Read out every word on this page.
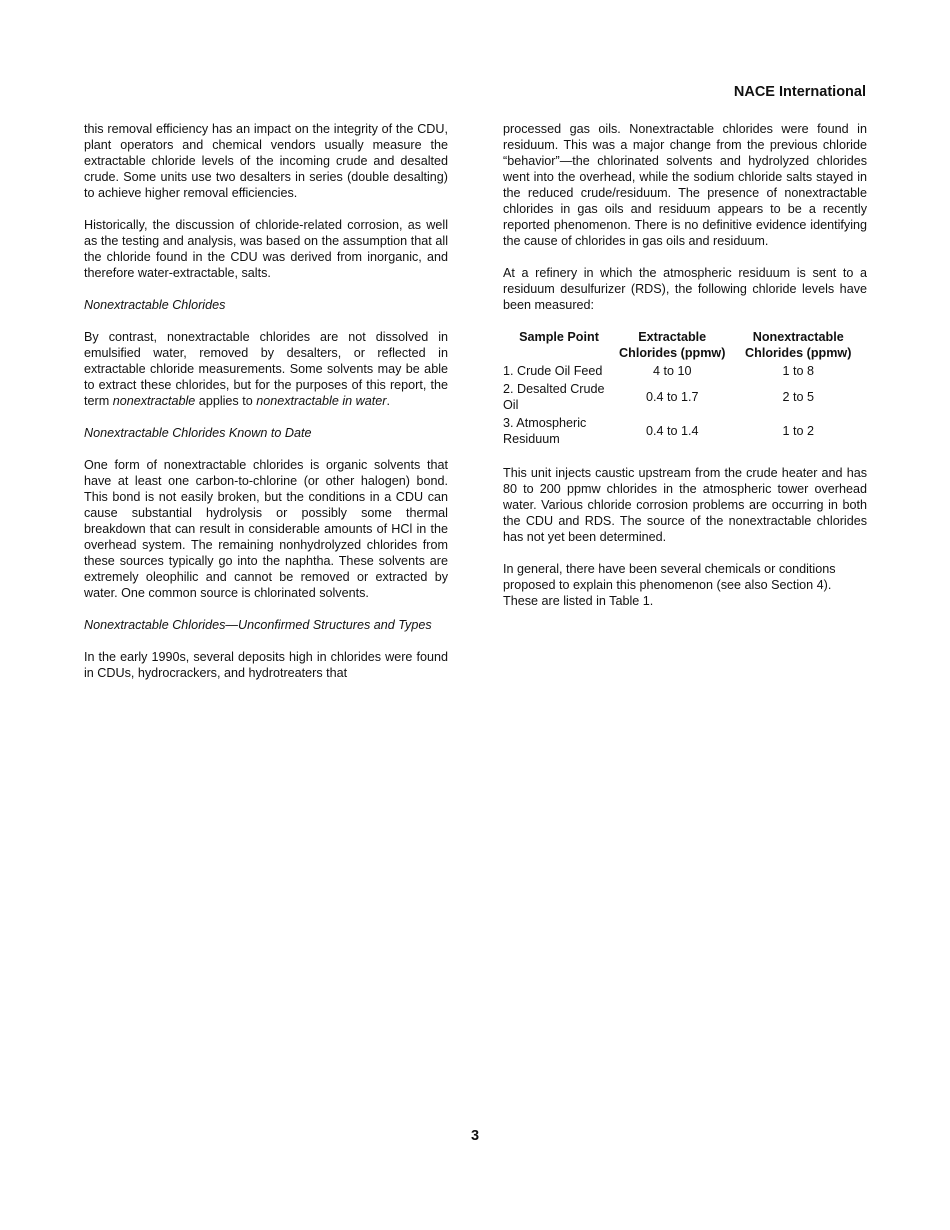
NACE International

this removal efficiency has an impact on the integrity of the CDU, plant operators and chemical vendors usually measure the extractable chloride levels of the incoming crude and desalted crude. Some units use two desalters in series (double desalting) to achieve higher removal efficiencies.

Historically, the discussion of chloride-related corrosion, as well as the testing and analysis, was based on the assumption that all the chloride found in the CDU was derived from inorganic, and therefore water-extractable, salts.

Nonextractable Chlorides

By contrast, nonextractable chlorides are not dissolved in emulsified water, removed by desalters, or reflected in extractable chloride measurements. Some solvents may be able to extract these chlorides, but for the purposes of this report, the term nonextractable applies to nonextractable in water.

Nonextractable Chlorides Known to Date

One form of nonextractable chlorides is organic solvents that have at least one carbon-to-chlorine (or other halogen) bond. This bond is not easily broken, but the conditions in a CDU can cause substantial hydrolysis or possibly some thermal breakdown that can result in considerable amounts of HCl in the overhead system. The remaining nonhydrolyzed chlorides from these sources typically go into the naphtha. These solvents are extremely oleophilic and cannot be removed or extracted by water. One common source is chlorinated solvents.

Nonextractable Chlorides—Unconfirmed Structures and Types

In the early 1990s, several deposits high in chlorides were found in CDUs, hydrocrackers, and hydrotreaters that

processed gas oils. Nonextractable chlorides were found in residuum. This was a major change from the previous chloride “behavior”—the chlorinated solvents and hydrolyzed chlorides went into the overhead, while the sodium chloride salts stayed in the reduced crude/residuum. The presence of nonextractable chlorides in gas oils and residuum appears to be a recently reported phenomenon. There is no definitive evidence identifying the cause of chlorides in gas oils and residuum.

At a refinery in which the atmospheric residuum is sent to a residuum desulfurizer (RDS), the following chloride levels have been measured:

Sample Point	Extractable Chlorides (ppmw)	Nonextractable Chlorides (ppmw)
1. Crude Oil Feed	4 to 10	1 to 8
2. Desalted Crude Oil	0.4 to 1.7	2 to 5
3. Atmospheric Residuum	0.4 to 1.4	1 to 2

This unit injects caustic upstream from the crude heater and has 80 to 200 ppmw chlorides in the atmospheric tower overhead water. Various chloride corrosion problems are occurring in both the CDU and RDS. The source of the nonextractable chlorides has not yet been determined.

In general, there have been several chemicals or conditions proposed to explain this phenomenon (see also Section 4). These are listed in Table 1.

3
